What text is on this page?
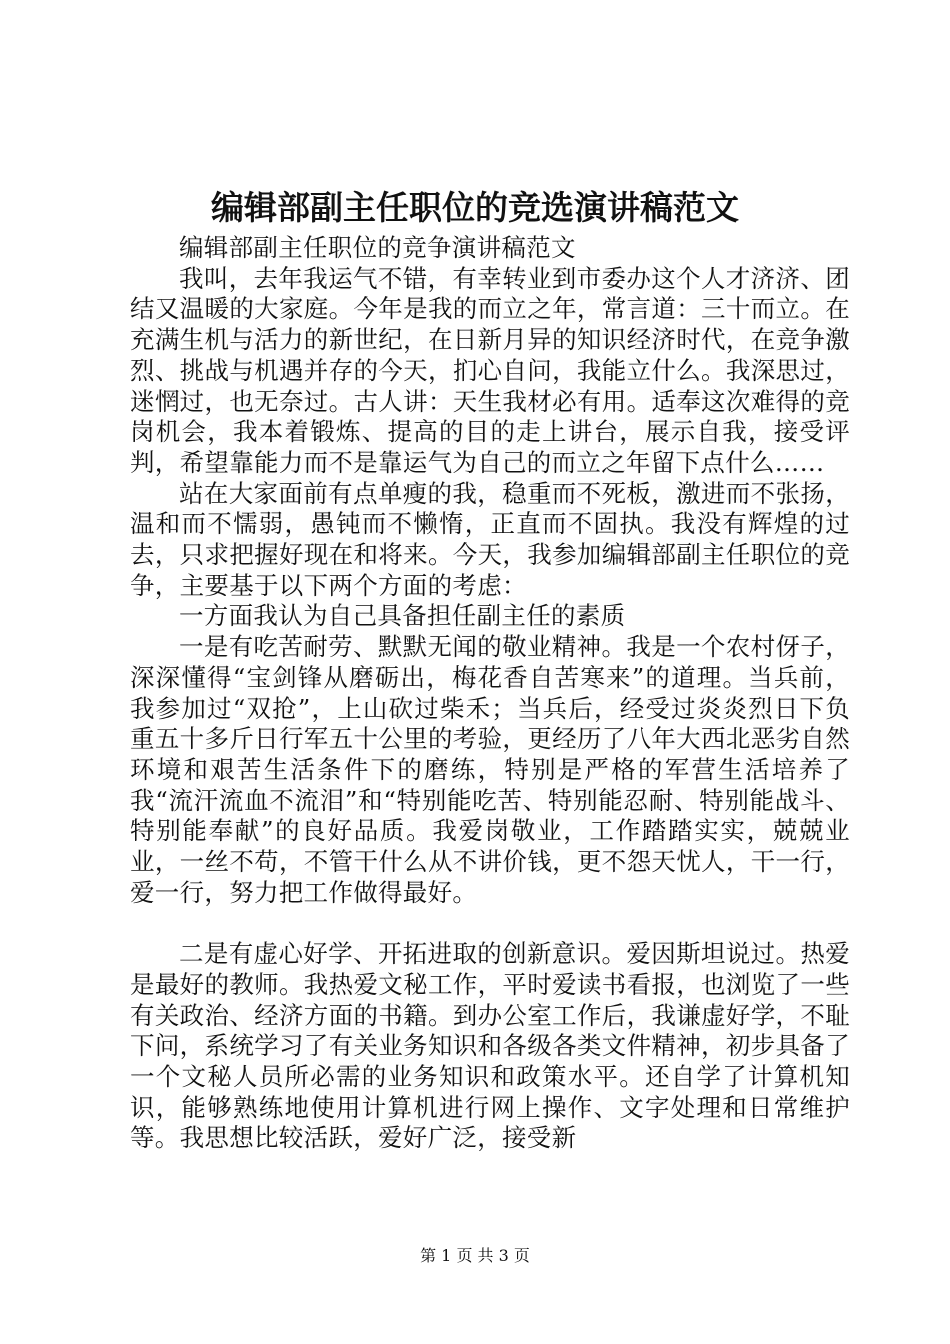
编辑部副主任职位的竞选演讲稿范文

编辑部副主任职位的竞争演讲稿范文

我叫，去年我运气不错，有幸转业到市委办这个人才济济、团结又温暖的大家庭。今年是我的而立之年，常言道：三十而立。在充满生机与活力的新世纪，在日新月异的知识经济时代，在竞争激烈、挑战与机遇并存的今天，扪心自问，我能立什么。我深思过，迷惘过，也无奈过。古人讲：天生我材必有用。适奉这次难得的竞岗机会，我本着锻炼、提高的目的走上讲台，展示自我，接受评判，希望靠能力而不是靠运气为自己的而立之年留下点什么……

站在大家面前有点单瘦的我，稳重而不死板，激进而不张扬，温和而不懦弱，愚钝而不懒惰，正直而不固执。我没有辉煌的过去，只求把握好现在和将来。今天，我参加编辑部副主任职位的竞争，主要基于以下两个方面的考虑：

一方面我认为自己具备担任副主任的素质

一是有吃苦耐劳、默默无闻的敬业精神。我是一个农村伢子，深深懂得“宝剑锋从磨砺出，梅花香自苦寒来”的道理。当兵前，我参加过“双抢”，上山砍过柴禾；当兵后，经受过炎炎烈日下负重五十多斤日行军五十公里的考验，更经历了八年大西北恶劣自然环境和艰苦生活条件下的磨练，特别是严格的军营生活培养了我“流汗流血不流泪”和“特别能吃苦、特别能忍耐、特别能战斗、特别能奉献”的良好品质。我爱岗敬业，工作踏踏实实，兢兢业业，一丝不苟，不管干什么从不讲价钱，更不怨天忧人，干一行，爱一行，努力把工作做得最好。

二是有虚心好学、开拓进取的创新意识。爱因斯坦说过。热爱是最好的教师。我热爱文秘工作，平时爱读书看报，也浏览了一些有关政治、经济方面的书籍。到办公室工作后，我谦虚好学，不耻下问，系统学习了有关业务知识和各级各类文件精神，初步具备了一个文秘人员所必需的业务知识和政策水平。还自学了计算机知识，能够熟练地使用计算机进行网上操作、文字处理和日常维护等。我思想比较活跃，爱好广泛，接受新

第 1 页 共 3 页
